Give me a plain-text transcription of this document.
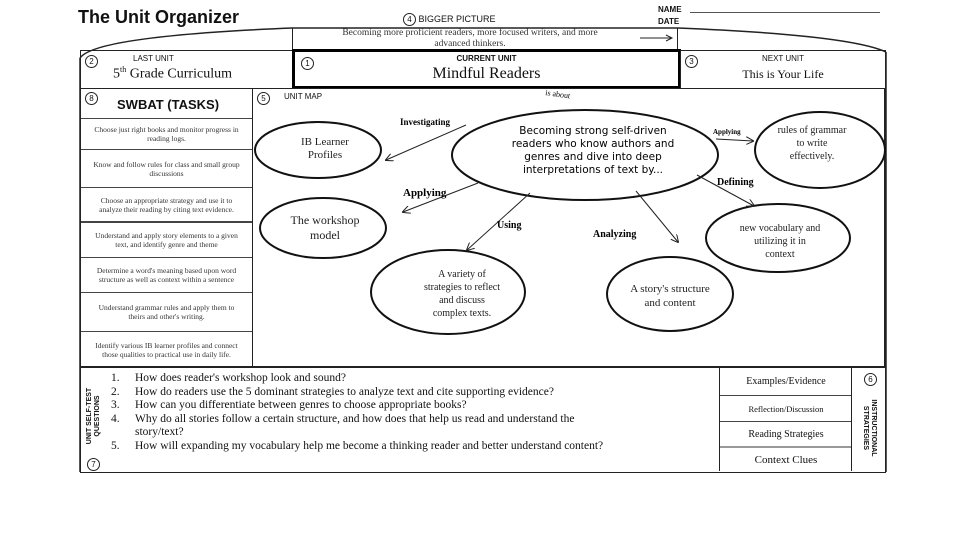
The Unit Organizer	4 BIGGER PICTURE
NAME
DATE
Becoming more proficient readers, more focused writers, and more advanced thinkers.
2	LAST UNIT
5th Grade Curriculum
1
CURRENT UNIT
Mindful Readers
3	NEXT UNIT
This is Your Life
8	SWBAT (TASKS)
Choose just right books and monitor progress in reading logs.
Know and follow rules for class and small group discussions
Choose an appropriate strategy and use it to analyze their reading by citing text evidence.
Understand and apply story elements to a given text, and identify genre and theme
Determine a word's meaning based upon word structure as well as context within a sentence
Understand grammar rules and apply them to theirs and other's writing.
Identify various IB learner profiles and connect those qualities to practical use in daily life.
5	UNIT MAP	is about
Investigating
Applying
Using
Analyzing
Applying
Defining
Becoming strong self-driven
readers who know authors and
genres and dive into deep
interpretations of text by...
IB Learner
Profiles
The workshop
model
A variety of
strategies to reflect
and discuss
complex texts.
A story's structure
and content
new vocabulary and
utilizing it in
context
rules of grammar
to write
effectively.
UNIT SELF-TEST QUESTIONS
7
1.	How does reader's workshop look and sound?
2.	How do readers use the 5 dominant strategies to analyze text and cite supporting evidence?
3.	How can you differentiate between genres to choose appropriate books?
4.	Why do all stories follow a certain structure, and how does that help us read and understand the story/text?
5.	How will expanding my vocabulary help me become a thinking reader and better understand content?
Examples/Evidence
Reflection/Discussion
Reading Strategies
Context Clues
6
INSTRUCTIONAL STRATEGIES
